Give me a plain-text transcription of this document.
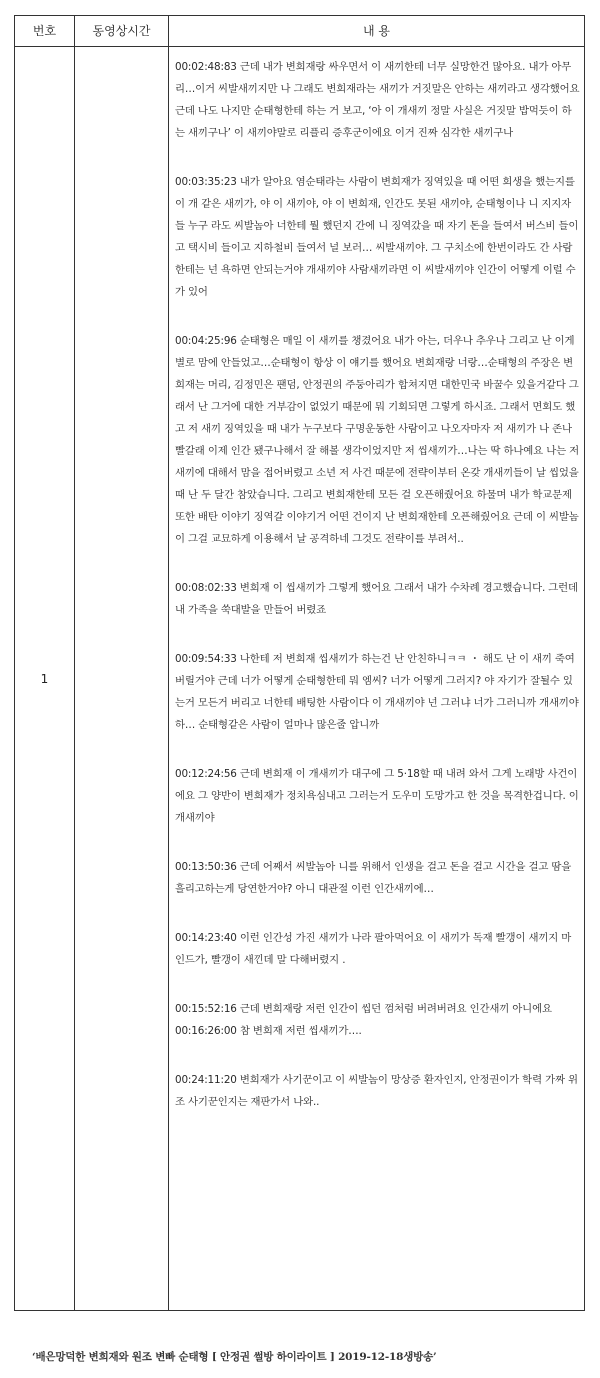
번호	동영상시간	내 용
1

00:02:48:83 근데 내가 변희재랑 싸우면서 이 새끼한테 너무 실망한건 많아요. 내가 아무리…이거 씨발새끼지만 나 그래도 변희재라는 새끼가 거짓말은 안하는 새끼라고 생각했어요 근데 나도 나지만 순태형한테 하는 거 보고, ‘아 이 개새끼 정말 사실은 거짓말 밥먹듯이 하는 새끼구나’ 이 새끼야말로 리플리 증후군이에요 이거 진짜 심각한 새끼구나

00:03:35:23 내가 알아요 염순태라는 사람이 변희재가 징역있을 때 어떤 희생을 했는지를 이 개 같은 새끼가, 야 이 새끼야, 야 이 변희재, 인간도 못된 새끼야, 순태형이나 니 지지자들 누구 라도 씨발놈아 너한테 뭘 했던지 간에 니 징역갔을 때 자기 돈을 들여서 버스비 들이고 택시비 들이고 지하철비 들여서 널 보러… 씨발새끼야. 그 구치소에 한번이라도 간 사람한테는 넌 욕하면 안되는거야 개새끼야 사람새끼라면 이 씨발새끼야 인간이 어떻게 이럴 수가 있어

00:04:25:96 순태형은 매일 이 새끼를 챙겼어요 내가 아는, 더우나 추우나 그리고 난 이게 별로 맘에 안들었고…순태형이 항상 이 얘기를 했어요 변희재랑 너랑…순태형의 주장은 변희재는 머리, 김정민은 팬덤, 안정권의 주둥아리가 합쳐지면 대한민국 바꿀수 있을거같다 그래서 난 그거에 대한 거부감이 없었기 때문에 뭐 기회되면 그렇게 하시죠. 그래서 면회도 했고 저 새끼 징역있을 때 내가 누구보다 구명운동한 사람이고 나오자마자 저 새끼가 나 존나 빨갈래 이제 인간 됐구나해서 잘 해볼 생각이었지만 저 씹새끼가…나는 딱 하나예요 나는 저 새끼에 대해서 맘을 접어버렸고 소년 저 사건 때문에 전략이부터 온갖 개새끼들이 날 씹었을 때 난 두 달간 참았습니다. 그리고 변희재한테 모든 걸 오픈해줬어요 하물며 내가 학교문제 또한 배탄 이야기 징역갈 이야기거 어떤 건이지 난 변희재한테 오픈해줬어요 근데 이 씨발놈이 그걸 교묘하게 이용해서 날 공격하네 그것도 전략이를 부려서..

00:08:02:33 변희재 이 씹새끼가 그렇게 했어요 그래서 내가 수차례 경고했습니다. 그런데 내 가족을 쑥대발을 만들어 버렸죠

00:09:54:33 나한테 저 변희재 씹새끼가 하는건 난 안친하니ㅋㅋ ・ 해도 난 이 새끼 죽여버릴거야 근데 너가 어떻게 순태형한테 뭐 엠씨? 너가 어떻게 그러지? 야 자기가 잘될수 있는거 모든거 버리고 너한테 배팅한 사람이다 이 개새끼야 넌 그러냐 너가 그러니까 개새끼야 하… 순태형같은 사람이 얼마나 많은줄 압니까

00:12:24:56 근데 변희재 이 개새끼가 대구에 그 5·18할 때 내려 와서 그게 노래방 사건이에요 그 양반이 변희재가 정치욕심내고 그러는거 도우미 도망가고 한 것을 목격한겁니다. 이 개새끼야

00:13:50:36 근데 어째서 씨발놈아 니를 위해서 인생을 걸고 돈을 걸고 시간을 걸고 땀을 흘리고하는게 당연한거야? 아니 대관절 이런 인간새끼에…

00:14:23:40 이런 인간성 가진 새끼가 나라 팔아먹어요 이 새끼가 독재 빨갱이 새끼지 마인드가, 빨갱이 새낀데 말 다해버렸지 .

00:15:52:16 근데 변희재랑 저런 인간이 씹던 껌처럼 버려버려요 인간새끼 아니에요
00:16:26:00 참 변희재 저런 씹새끼가….

00:24:11:20 변희재가 사기꾼이고 이 씨발놈이 망상증 환자인지, 안정권이가 학력 가짜 위조 사기꾼인지는 재판가서 나와..

‘배은망덕한 변희재와 원조 변빠 순태형 [ 안정권 썰방 하이라이트 ] 2019-12-18생방송’
